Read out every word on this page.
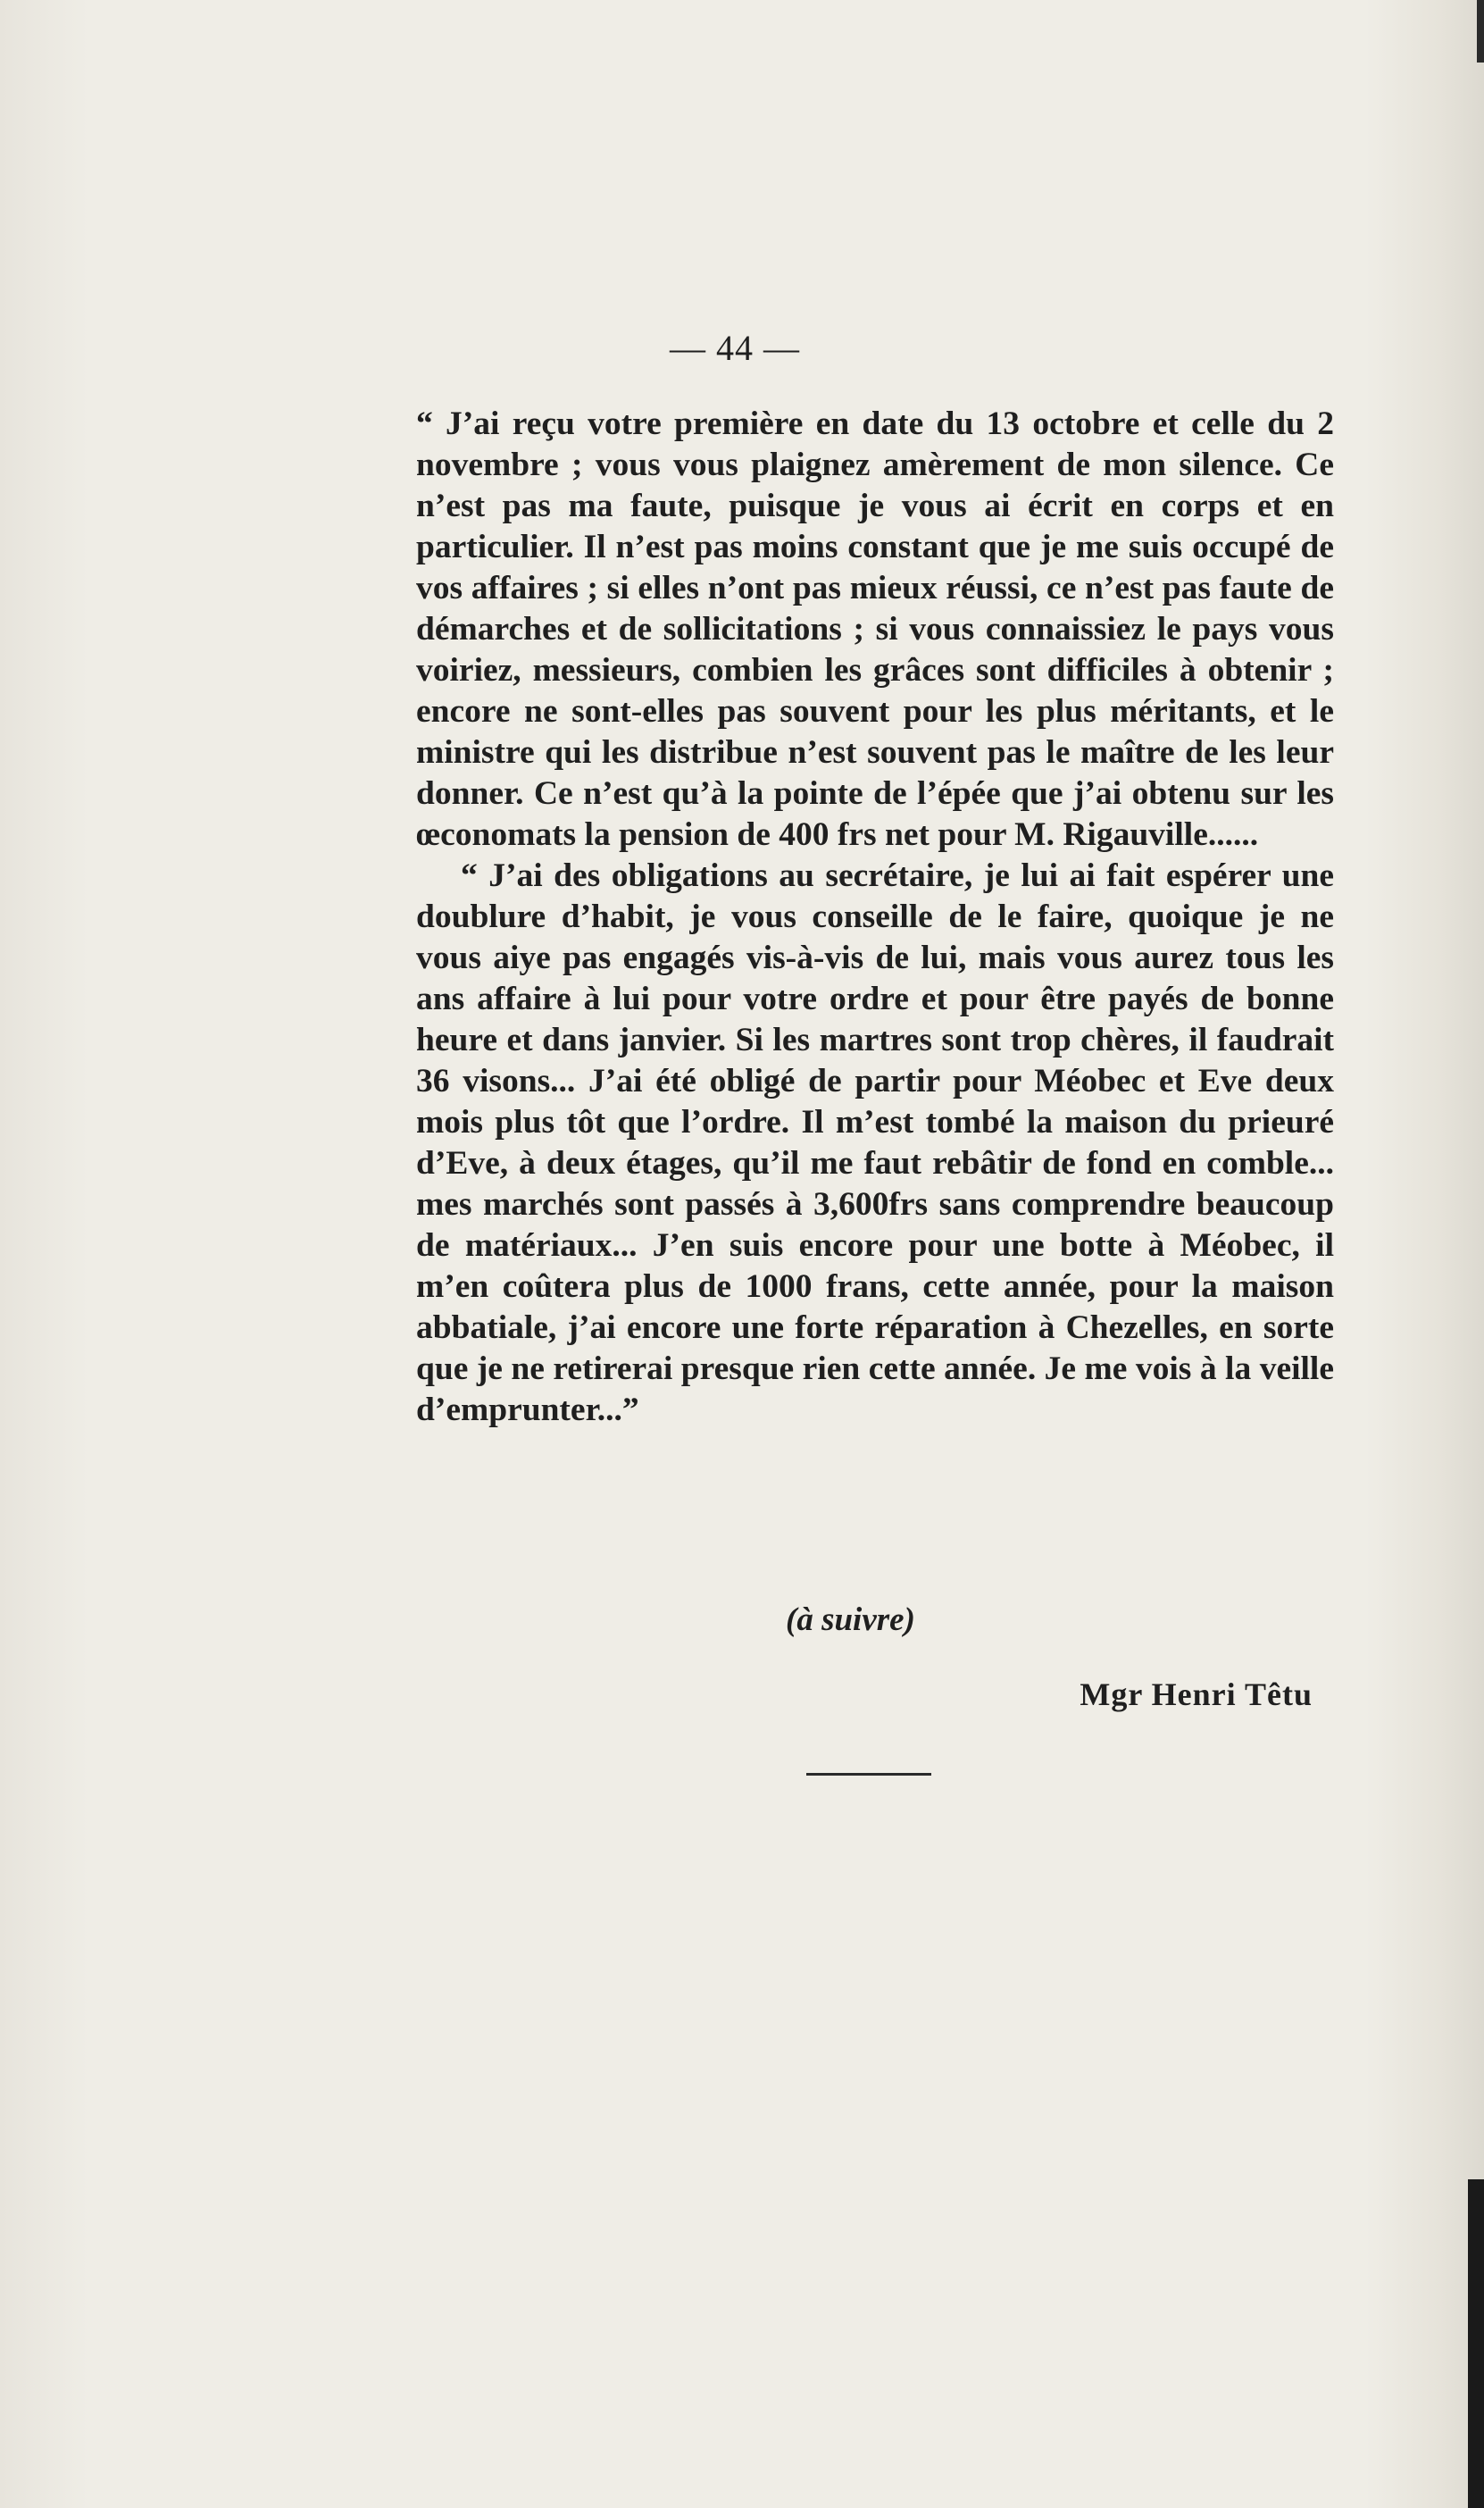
— 44 —

“ J’ai reçu votre première en date du 13 octobre et celle du 2 novembre ; vous vous plaignez amèrement de mon silence. Ce n’est pas ma faute, puisque je vous ai écrit en corps et en particulier. Il n’est pas moins constant que je me suis occupé de vos affaires ; si elles n’ont pas mieux réussi, ce n’est pas faute de démarches et de sollicitations ; si vous connaissiez le pays vous voiriez, messieurs, combien les grâces sont difficiles à obtenir ; encore ne sont-elles pas souvent pour les plus méritants, et le ministre qui les distribue n’est souvent pas le maître de les leur donner. Ce n’est qu’à la pointe de l’épée que j’ai obtenu sur les œconomats la pension de 400 frs net pour M. Rigauville......

“ J’ai des obligations au secrétaire, je lui ai fait espérer une doublure d’habit, je vous conseille de le faire, quoique je ne vous aiye pas engagés vis-à-vis de lui, mais vous aurez tous les ans affaire à lui pour votre ordre et pour être payés de bonne heure et dans janvier. Si les martres sont trop chères, il faudrait 36 visons... J’ai été obligé de partir pour Méobec et Eve deux mois plus tôt que l’ordre. Il m’est tombé la maison du prieuré d’Eve, à deux étages, qu’il me faut rebâtir de fond en comble... mes marchés sont passés à 3,600frs sans comprendre beaucoup de matériaux... J’en suis encore pour une botte à Méobec, il m’en coûtera plus de 1000 frans, cette année, pour la maison abbatiale, j’ai encore une forte réparation à Chezelles, en sorte que je ne retirerai presque rien cette année. Je me vois à la veille d’emprunter...”

(à suivre)
Mgr Henri Têtu
